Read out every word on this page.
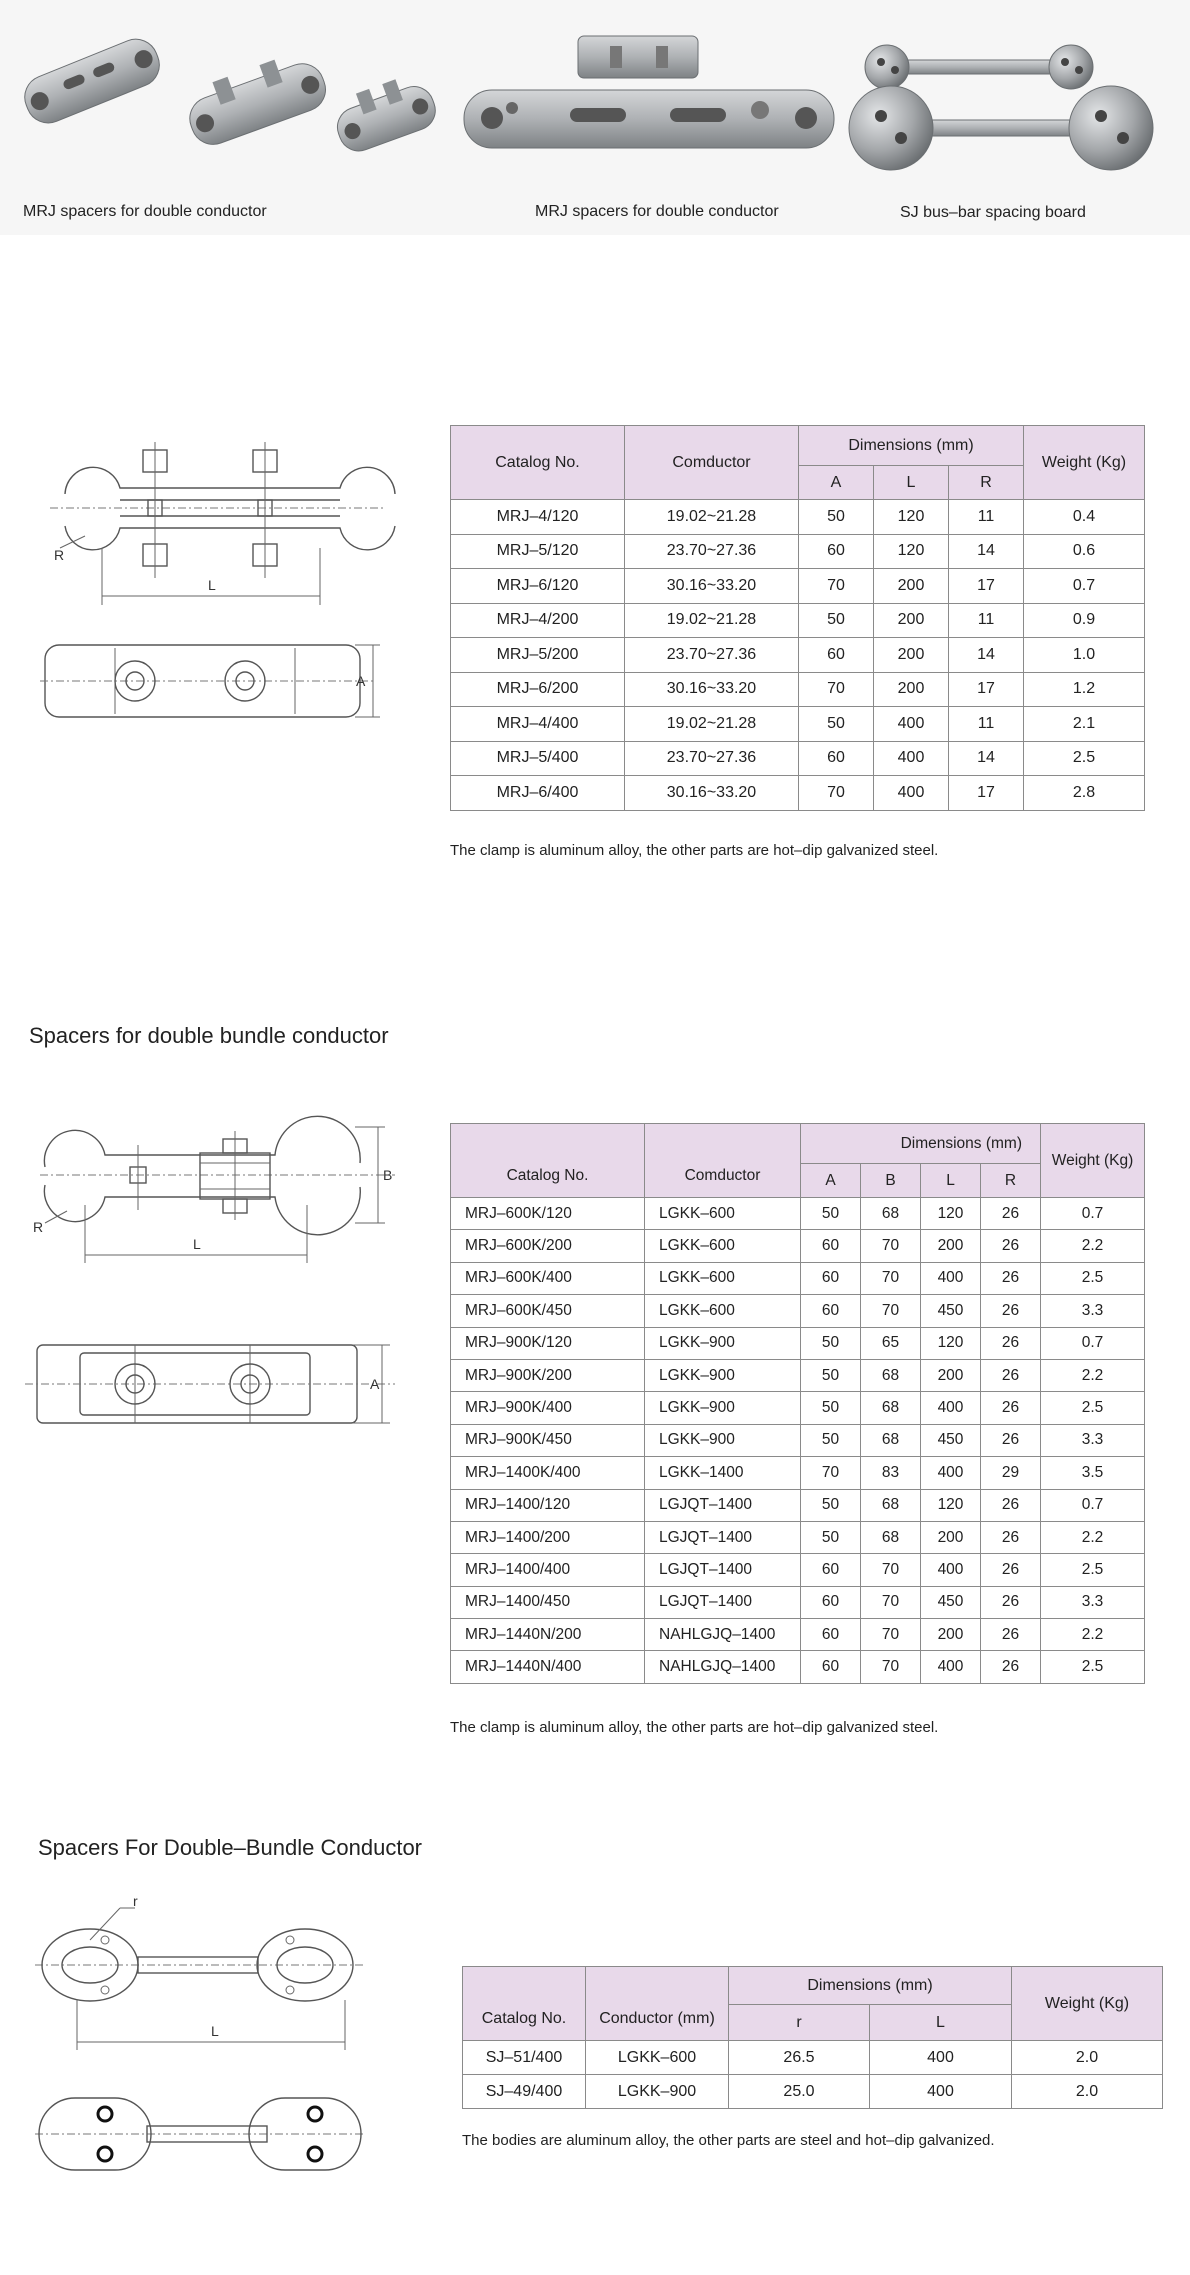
MRJ spacers for double conductor	MRJ spacers for double conductor	SJ bus–bar spacing board
R
L
A
Catalog No.	Comductor	Dimensions (mm)			Weight (Kg)
		A	L	R	
MRJ–4/120	19.02~21.28	50	120	11	0.4
MRJ–5/120	23.70~27.36	60	120	14	0.6
MRJ–6/120	30.16~33.20	70	200	17	0.7
MRJ–4/200	19.02~21.28	50	200	11	0.9
MRJ–5/200	23.70~27.36	60	200	14	1.0
MRJ–6/200	30.16~33.20	70	200	17	1.2
MRJ–4/400	19.02~21.28	50	400	11	2.1
MRJ–5/400	23.70~27.36	60	400	14	2.5
MRJ–6/400	30.16~33.20	70	400	17	2.8
The clamp is aluminum alloy, the other parts are hot–dip galvanized steel.
Spacers for double bundle conductor
R
L
B
A
Catalog No.	Comductor	Dimensions (mm)				Weight (Kg)
		A	B	L	R	
MRJ–600K/120	LGKK–600	50	68	120	26	0.7
MRJ–600K/200	LGKK–600	60	70	200	26	2.2
MRJ–600K/400	LGKK–600	60	70	400	26	2.5
MRJ–600K/450	LGKK–600	60	70	450	26	3.3
MRJ–900K/120	LGKK–900	50	65	120	26	0.7
MRJ–900K/200	LGKK–900	50	68	200	26	2.2
MRJ–900K/400	LGKK–900	50	68	400	26	2.5
MRJ–900K/450	LGKK–900	50	68	450	26	3.3
MRJ–1400K/400	LGKK–1400	70	83	400	29	3.5
MRJ–1400/120	LGJQT–1400	50	68	120	26	0.7
MRJ–1400/200	LGJQT–1400	50	68	200	26	2.2
MRJ–1400/400	LGJQT–1400	60	70	400	26	2.5
MRJ–1400/450	LGJQT–1400	60	70	450	26	3.3
MRJ–1440N/200	NAHLGJQ–1400	60	70	200	26	2.2
MRJ–1440N/400	NAHLGJQ–1400	60	70	400	26	2.5
The clamp is aluminum alloy, the other parts are hot–dip galvanized steel.
Spacers For Double–Bundle Conductor
r
L
Catalog No.	Conductor (mm)	Dimensions (mm)		Weight (Kg)
		r	L	
SJ–51/400	LGKK–600	26.5	400	2.0
SJ–49/400	LGKK–900	25.0	400	2.0
The bodies are aluminum alloy, the other parts are steel and hot–dip galvanized.
